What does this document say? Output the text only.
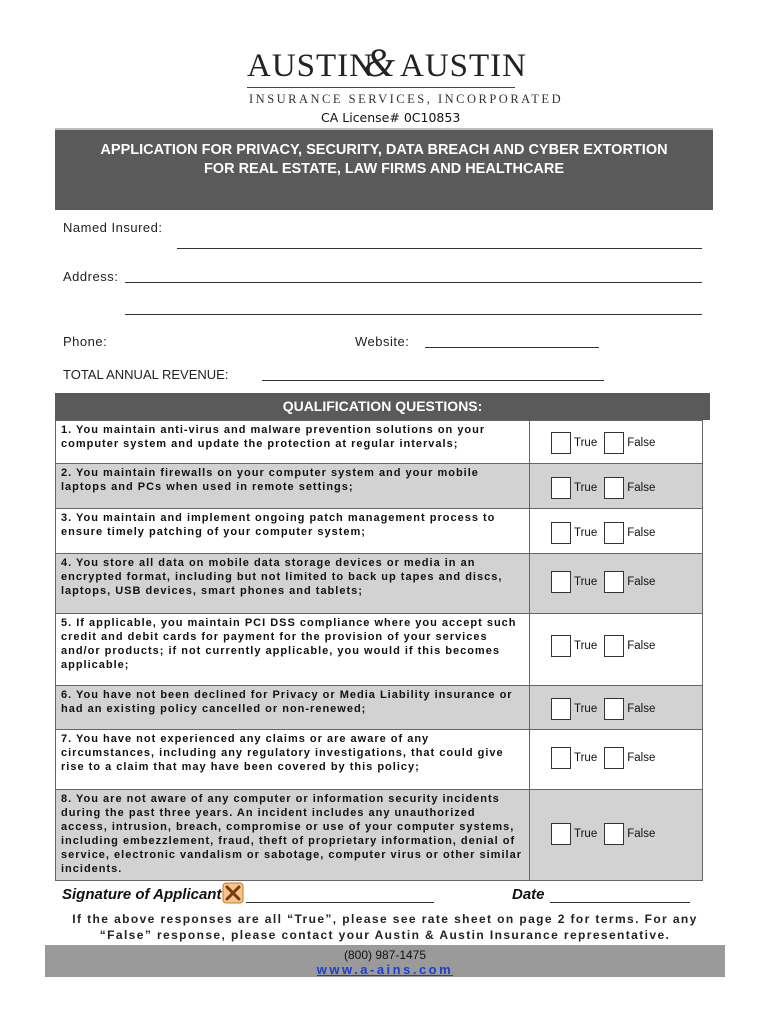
AUSTIN
& AUSTIN
INSURANCE SERVICES, INCORPORATED
CA License# 0C10853
APPLICATION FOR PRIVACY, SECURITY, DATA BREACH AND CYBER EXTORTION
FOR REAL ESTATE, LAW FIRMS AND HEALTHCARE
Named Insured:
Address:
Phone:	Website:
TOTAL ANNUAL REVENUE:
QUALIFICATION QUESTIONS:
1. You maintain anti-virus and malware prevention solutions on your computer system and update the protection at regular intervals;	True False

2. You maintain firewalls on your computer system and your mobile laptops and PCs when used in remote settings;	True False

3. You maintain and implement ongoing patch management process to ensure timely patching of your computer system;	True False

4. You store all data on mobile data storage devices or media in an encrypted format, including but not limited to back up tapes and discs, laptops, USB devices, smart phones and tablets;	True False

5. If applicable, you maintain PCI DSS compliance where you accept such credit and debit cards for payment for the provision of your services and/or products; if not currently applicable, you would if this becomes applicable;	True False

6. You have not been declined for Privacy or Media Liability insurance or had an existing policy cancelled or non-renewed;	True False

7. You have not experienced any claims or are aware of any circumstances, including any regulatory investigations, that could give rise to a claim that may have been covered by this policy;	True False

8. You are not aware of any computer or information security incidents during the past three years. An incident includes any unauthorized access, intrusion, breach, compromise or use of your computer systems, including embezzlement, fraud, theft of proprietary information, denial of service, electronic vandalism or sabotage, computer virus or other similar incidents.	True False
Signature of Applicant	Date
If the above responses are all “True”, please see rate sheet on page 2 for terms. For any
“False” response, please contact your Austin & Austin Insurance representative.
(800) 987-1475
www.a-ains.com
